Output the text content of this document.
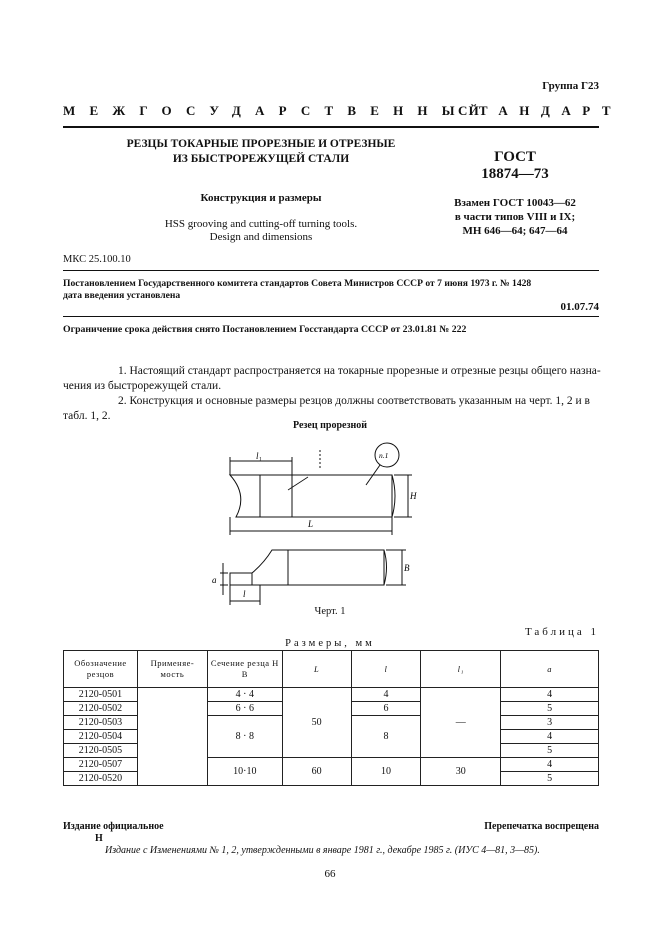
Группа Г23
МЕЖГОСУДАРСТВЕННЫЙ
СТАНДАРТ
РЕЗЦЫ ТОКАРНЫЕ ПРОРЕЗНЫЕ И ОТРЕЗНЫЕ
ИЗ БЫСТРОРЕЖУЩЕЙ СТАЛИ
Конструкция и размеры
HSS grooving and cutting-off turning tools.
Design and dimensions
ГОСТ
18874—73
Взамен ГОСТ 10043—62
в части типов VIII и IX;
МН 646—64; 647—64
МКС 25.100.10
Постановлением Государственного комитета стандартов Совета Министров СССР от 7 июня 1973 г. № 1428
дата введения установлена
01.07.74
Ограничение срока действия снято Постановлением Госстандарта СССР от 23.01.81 № 222
1. Настоящий стандарт распространяется на токарные прорезные и отрезные резцы общего назна-
чения из быстрорежущей стали.
2. Конструкция и основные размеры резцов должны соответствовать указанным на черт. 1, 2 и в
табл. 1, 2.
Резец прорезной
l₁
L
H
B
a
l
n.1
Черт. 1
Таблица 1
Размеры, мм
Обозначение резцов	Применяе- мость	Сечение резца H B	L	l	l₁	a
2120-0501		4 · 4	50	4	—	4
2120-0502		6 · 6		6		5
2120-0503		8 · 8		8		3
2120-0504						4
2120-0505						5
2120-0507		10·10	60	10	30	4
2120-0520						5
Издание официальное	Перепечатка воспрещена
Н
Издание с Изменениями № 1, 2, утвержденными в январе 1981 г., декабре 1985 г. (ИУС 4—81, 3—85).
66
